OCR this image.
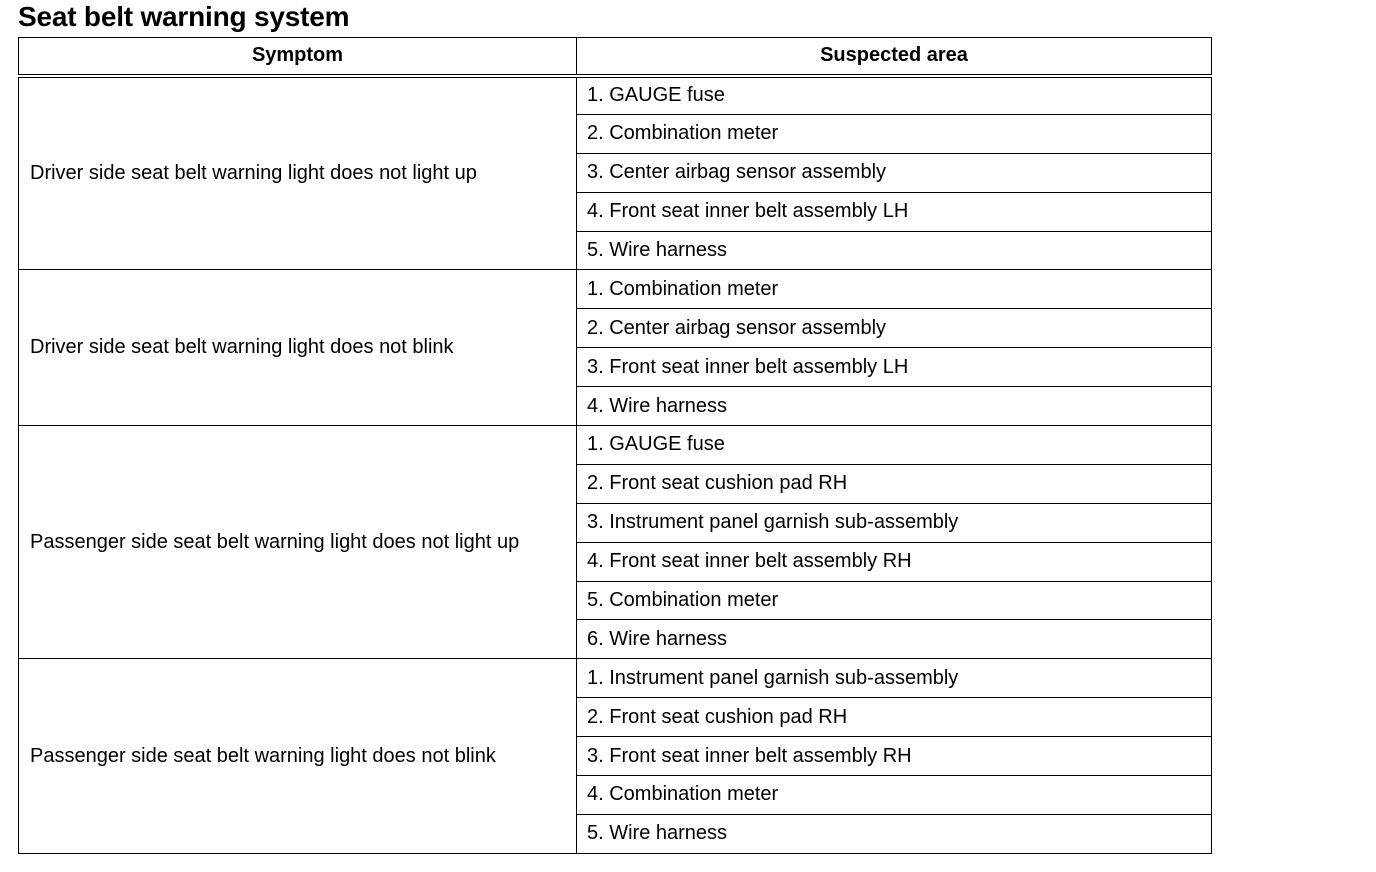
Seat belt warning system
Symptom	Suspected area
Driver side seat belt warning light does not light up	1. GAUGE fuse
	2. Combination meter
	3. Center airbag sensor assembly
	4. Front seat inner belt assembly LH
	5. Wire harness
Driver side seat belt warning light does not blink	1. Combination meter
	2. Center airbag sensor assembly
	3. Front seat inner belt assembly LH
	4. Wire harness
Passenger side seat belt warning light does not light up	1. GAUGE fuse
	2. Front seat cushion pad RH
	3. Instrument panel garnish sub-assembly
	4. Front seat inner belt assembly RH
	5. Combination meter
	6. Wire harness
Passenger side seat belt warning light does not blink	1. Instrument panel garnish sub-assembly
	2. Front seat cushion pad RH
	3. Front seat inner belt assembly RH
	4. Combination meter
	5. Wire harness
